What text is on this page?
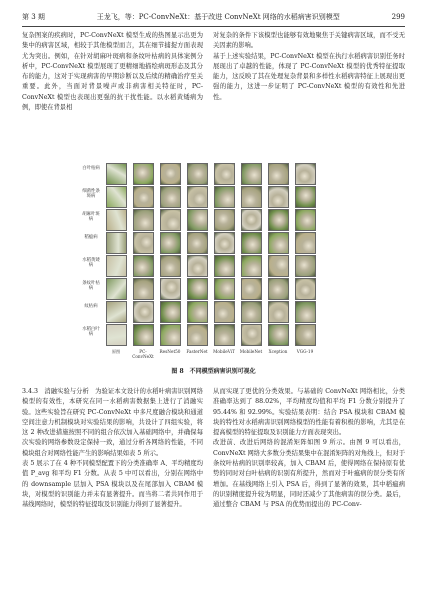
第 3 期	王龙飞，等：PC-ConvNeXt：基于改进 ConvNeXt 网络的水稻病害识别模型	299

复杂图案的疾病时，PC-ConvNeXt 模型生成的热图显示出更为集中的病害区域，相较于其他模型而言，其在细节捕捉方面表现尤为突出。例如，在针对胡麻叶斑病和条纹叶枯病的具体案例分析中，PC-ConvNeXt 模型展现了更精细地描绘病斑形态及其分布的能力，这对于实现病害的早期诊断以及后续的精确治疗至关重要。此外，当面对背景噪声或非病害相关特征时，PC-ConvNeXt 模型也表现出更强的抗干扰性能。以水稻黄矮病为例，即使在背景相

对复杂的条件下该模型也能够有效地聚焦于关键病害区域，而不受无关因素的影响。
基于上述实验结果，PC-ConvNeXt 模型在执行水稻病害识别任务时展现出了卓越的性能，体现了 PC-ConvNeXt 模型的优秀特征提取能力，这反映了其在处理复杂背景和多样性水稻病害特征上展现出更强的能力，这进一步证明了 PC-ConvNeXt 模型的有效性和先进性。

白叶枯病
细菌性条斑病
胡麻叶斑病
稻瘟病
水稻黄矮病
条纹叶枯病
纹枯病
水稻白叶病
原图	PC-ConvNeXt
ResNet50	FasterNet	MobileViT	MobileNet	Xception	VGG-19
图 8　不同模型病害识别可视化

3.4.3　消融实验与分析　为验证本文设计的水稻叶病害识别网络模型的有效性，本研究在同一水稻病害数据集上进行了消融实验。这些实验旨在研究 PC-ConvNeXt 中多尺度融合模块和通道空间注意力机制模块对实验结果的影响，共设计了四组实验，将这 2 种改进措施按照不同的组合依次加入基础网络中，并确保每次实验的网络参数设定保持一致，通过分析各网络的性能，不同模块组合对网络性能产生的影响结果如表 5 所示。
表 5 展示了在 4 种不同模型配置下的分类准确率 A、平均精度均值 P_avg 和平均 F1 分数。从表 5 中可以看出，分别在网络中的 downsample 层加入 PSA 模块以及在尾部加入 CBAM 模块，对模型的识别能力并未有显著提升。而当将二者共同作用于基线网络时，模型的特征提取及识别能力得到了显著提升。

从而实现了更优的分类效果。与基础的 ConvNeXt 网络相比，分类准确率达到了 88.02%，平均精度均值和平均 F1 分数分别提升了 95.44% 和 92.99%。实验结果表明：结合 PSA 模块和 CBAM 模块的特性对水稻病害识别网络模型的性能有着积极的影响，尤其是在提高模型的特征提取及识别能力方面表现突出。
改进前、改进后网络的混淆矩阵如图 9 所示。由图 9 可以看出，ConvNeXt 网络大多数分类结果集中在混淆矩阵的对角线上，但对于条纹叶枯病的识别率较高，加入 CBAM 后，使得网络在保持原有优势的同时对白叶枯病的识别有所提升，然而对于叶瘟病的误分类有所增加。在基线网络上引入 PSA 后，得到了显著的效果，其中稻瘟病的识别精度提升较为明显，同时还减少了其他病害的误分类。最后，通过整合 CBAM 与 PSA 的优势而提出的 PC-Conv-
